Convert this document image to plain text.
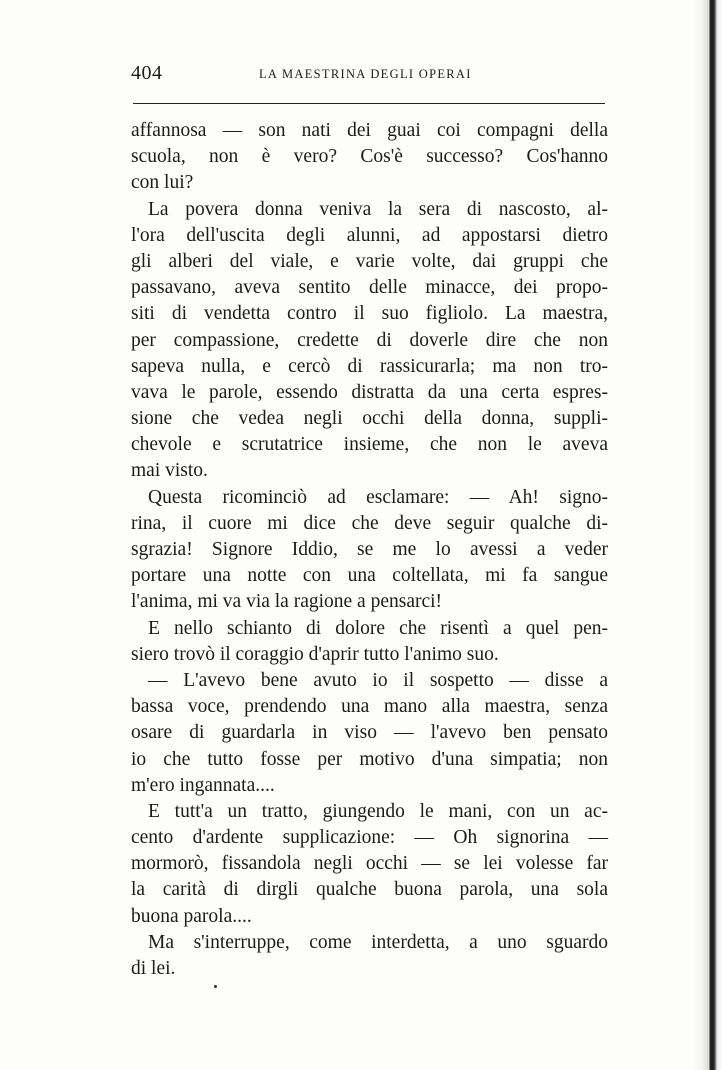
404	LA MAESTRINA DEGLI OPERAI
affannosa — son nati dei guai coi compagni della
scuola, non è vero? Cos'è successo? Cos'hanno
con lui?
La povera donna veniva la sera di nascosto, al-
l'ora dell'uscita degli alunni, ad appostarsi dietro
gli alberi del viale, e varie volte, dai gruppi che
passavano, aveva sentito delle minacce, dei propo-
siti di vendetta contro il suo figliolo. La maestra,
per compassione, credette di doverle dire che non
sapeva nulla, e cercò di rassicurarla; ma non tro-
vava le parole, essendo distratta da una certa espres-
sione che vedea negli occhi della donna, suppli-
chevole e scrutatrice insieme, che non le aveva
mai visto.
Questa ricominciò ad esclamare: — Ah! signo-
rina, il cuore mi dice che deve seguir qualche di-
sgrazia! Signore Iddio, se me lo avessi a veder
portare una notte con una coltellata, mi fa sangue
l'anima, mi va via la ragione a pensarci!
E nello schianto di dolore che risentì a quel pen-
siero trovò il coraggio d'aprir tutto l'animo suo.
— L'avevo bene avuto io il sospetto — disse a
bassa voce, prendendo una mano alla maestra, senza
osare di guardarla in viso — l'avevo ben pensato
io che tutto fosse per motivo d'una simpatia; non
m'ero ingannata....
E tutt'a un tratto, giungendo le mani, con un ac-
cento d'ardente supplicazione: — Oh signorina —
mormorò, fissandola negli occhi — se lei volesse far
la carità di dirgli qualche buona parola, una sola
buona parola....
Ma s'interruppe, come interdetta, a uno sguardo
di lei.
